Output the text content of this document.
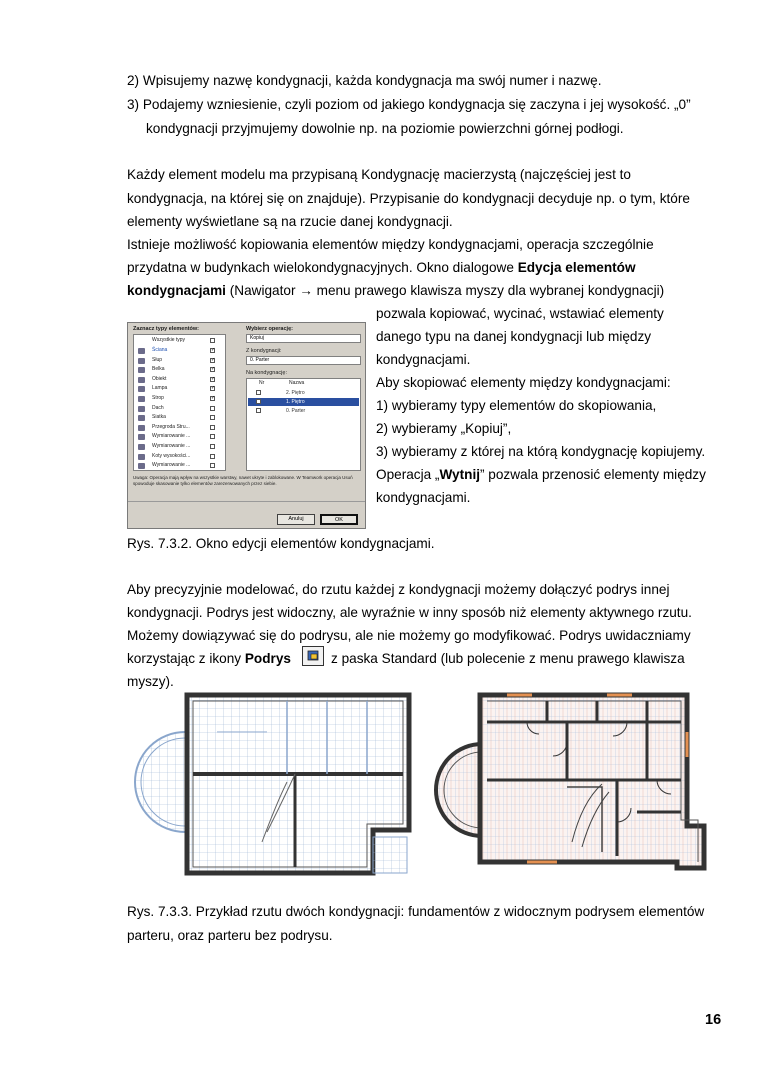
2) Wpisujemy nazwę kondygnacji, każda kondygnacja ma swój numer i nazwę.
3) Podajemy wzniesienie, czyli poziom od jakiego kondygnacja się zaczyna i jej wysokość. „0”
kondygnacji przyjmujemy dowolnie np. na poziomie powierzchni górnej podłogi.
Każdy element modelu ma przypisaną Kondygnację macierzystą (najczęściej jest to
kondygnacja, na której się on znajduje). Przypisanie do kondygnacji decyduje np. o tym, które
elementy wyświetlane są na rzucie danej kondygnacji.
Istnieje możliwość kopiowania elementów między kondygnacjami, operacja szczególnie
przydatna w budynkach wielokondygnacyjnych. Okno dialogowe Edycja elementów
kondygnacjami (Nawigator → menu prawego klawisza myszy dla wybranej kondygnacji)
pozwala kopiować, wycinać, wstawiać elementy
danego typu na danej kondygnacji lub między
kondygnacjami.
Aby skopiować elementy między kondygnacjami:
1) wybieramy typy elementów do skopiowania,
2) wybieramy „Kopiuj”,
3) wybieramy z której na którą kondygnację kopiujemy.
Operacja „Wytnij” pozwala przenosić elementy między
kondygnacjami.
Zaznacz typy elementów:	Wybierz operację:
Wszystkie typy
Ściana	✓
Słup	✓
Belka	✓
Obiekt	✓
Lampa	✓
Strop	✓
Dach
Siatka
Przegroda Stru...
Wymiarowanie ...
Wymiarowanie ...
Koty wysokości...
Wymiarowanie ...
Kopiuj
Z kondygnacji:
0. Parter
Na kondygnację:
Nr	Nazwa
2. Piętro
1. Piętro
0. Parter
Uwaga: Operacja mają wpływ na wszystkie warstwy, nawet ukryte i zablokowane. W Teamwork operacja Usuń spowoduje skasowanie tylko elementów zarezerwowanych przez siebie.
Anuluj	OK
Rys. 7.3.2. Okno edycji elementów kondygnacjami.
Aby precyzyjnie modelować, do rzutu każdej z kondygnacji możemy dołączyć podrys innej
kondygnacji. Podrys jest widoczny, ale wyraźnie w inny sposób niż elementy aktywnego rzutu.
Możemy dowiązywać się do podrysu, ale nie możemy go modyfikować. Podrys uwidaczniamy
korzystając z ikony Podrys	z paska Standard (lub polecenie z menu prawego klawisza
myszy).
Rys. 7.3.3. Przykład rzutu dwóch kondygnacji: fundamentów z widocznym podrysem elementów
parteru, oraz parteru bez podrysu.
16
